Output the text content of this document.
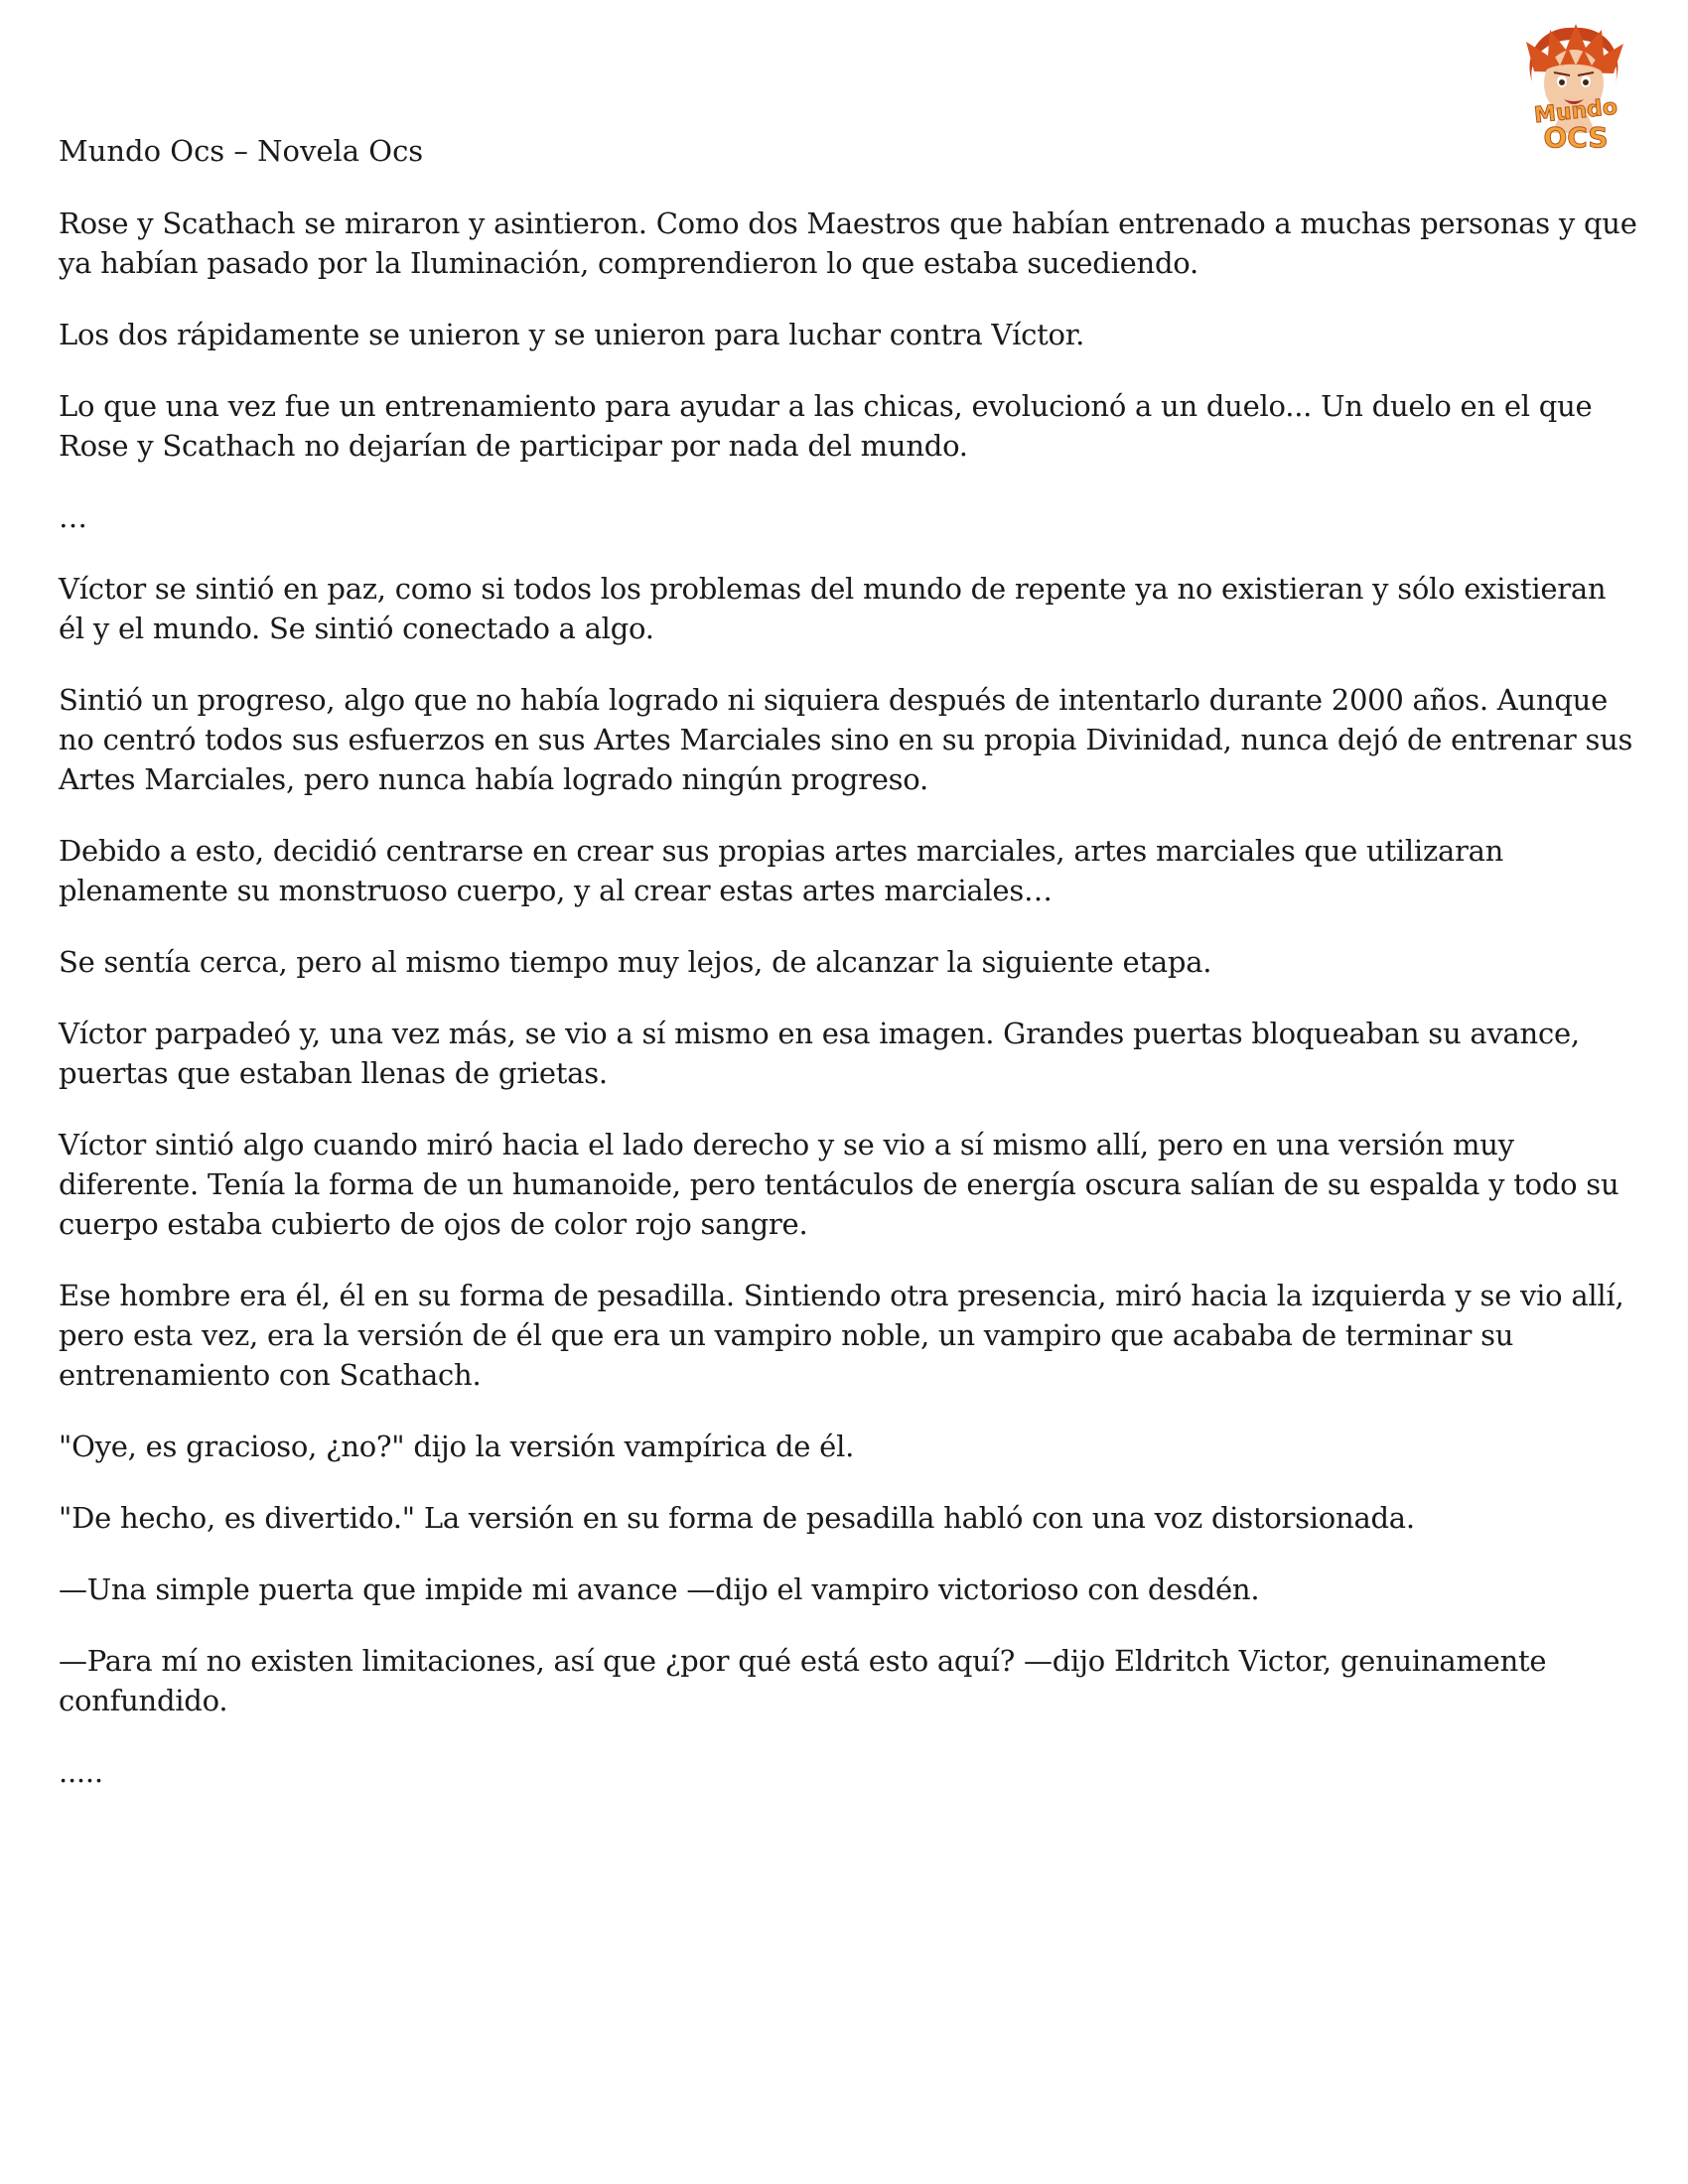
Mundo Ocs – Novela Ocs
Mundo
OCS

Rose y Scathach se miraron y asintieron. Como dos Maestros que habían entrenado a muchas personas y que ya habían pasado por la Iluminación, comprendieron lo que estaba sucediendo.

Los dos rápidamente se unieron y se unieron para luchar contra Víctor.

Lo que una vez fue un entrenamiento para ayudar a las chicas, evolucionó a un duelo... Un duelo en el que Rose y Scathach no dejarían de participar por nada del mundo.

…

Víctor se sintió en paz, como si todos los problemas del mundo de repente ya no existieran y sólo existieran él y el mundo. Se sintió conectado a algo.

Sintió un progreso, algo que no había logrado ni siquiera después de intentarlo durante 2000 años. Aunque no centró todos sus esfuerzos en sus Artes Marciales sino en su propia Divinidad, nunca dejó de entrenar sus Artes Marciales, pero nunca había logrado ningún progreso.

Debido a esto, decidió centrarse en crear sus propias artes marciales, artes marciales que utilizaran plenamente su monstruoso cuerpo, y al crear estas artes marciales…

Se sentía cerca, pero al mismo tiempo muy lejos, de alcanzar la siguiente etapa.

Víctor parpadeó y, una vez más, se vio a sí mismo en esa imagen. Grandes puertas bloqueaban su avance, puertas que estaban llenas de grietas.

Víctor sintió algo cuando miró hacia el lado derecho y se vio a sí mismo allí, pero en una versión muy diferente. Tenía la forma de un humanoide, pero tentáculos de energía oscura salían de su espalda y todo su cuerpo estaba cubierto de ojos de color rojo sangre.

Ese hombre era él, él en su forma de pesadilla. Sintiendo otra presencia, miró hacia la izquierda y se vio allí, pero esta vez, era la versión de él que era un vampiro noble, un vampiro que acababa de terminar su entrenamiento con Scathach.

"Oye, es gracioso, ¿no?" dijo la versión vampírica de él.

"De hecho, es divertido." La versión en su forma de pesadilla habló con una voz distorsionada.

—Una simple puerta que impide mi avance —dijo el vampiro victorioso con desdén.

—Para mí no existen limitaciones, así que ¿por qué está esto aquí? —dijo Eldritch Victor, genuinamente confundido.

.....
